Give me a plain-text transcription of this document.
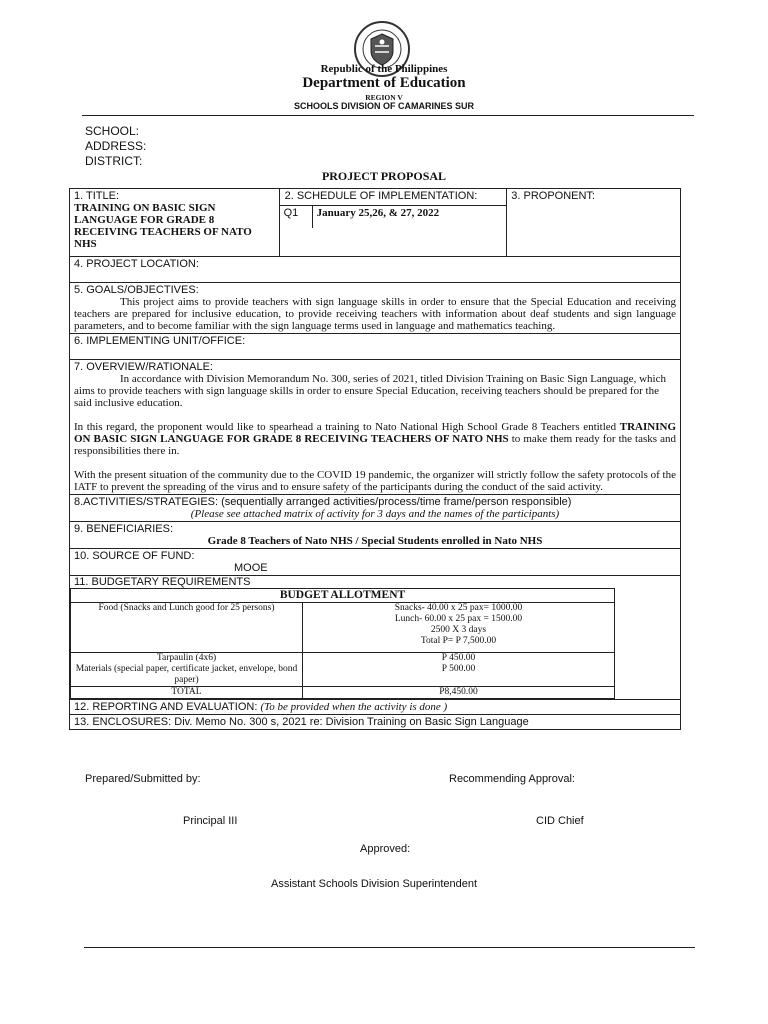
Republic of the Philippines
Department of Education
REGION V
SCHOOLS DIVISION OF CAMARINES SUR
SCHOOL:
ADDRESS:
DISTRICT:
PROJECT PROPOSAL
1. TITLE:
TRAINING ON BASIC SIGN LANGUAGE FOR GRADE 8 RECEIVING TEACHERS OF NATO NHS

2. SCHEDULE OF IMPLEMENTATION:
Q1	January 25,26, & 27, 2022

3. PROPONENT:

4. PROJECT LOCATION:

5. GOALS/OBJECTIVES:

This project aims to provide teachers with sign language skills in order to ensure that the Special Education and receiving teachers are prepared for inclusive education, to provide receiving teachers with information about deaf students and sign language parameters, and to become familiar with the sign language terms used in language and mathematics teaching.

6. IMPLEMENTING UNIT/OFFICE:

7. OVERVIEW/RATIONALE:

In accordance with Division Memorandum No. 300, series of 2021, titled Division Training on Basic Sign Language, which aims to provide teachers with sign language skills in order to ensure Special Education, receiving teachers should be prepared for the said inclusive education.

In this regard, the proponent would like to spearhead a training to Nato National High School Grade 8 Teachers entitled TRAINING ON BASIC SIGN LANGUAGE FOR GRADE 8 RECEIVING TEACHERS OF NATO NHS to make them ready for the tasks and responsibilities there in.

With the present situation of the community due to the COVID 19 pandemic, the organizer will strictly follow the safety protocols of the IATF to prevent the spreading of the virus and to ensure safety of the participants during the conduct of the said activity.

8.ACTIVITIES/STRATEGIES: (sequentially arranged activities/process/time frame/person responsible)
(Please see attached matrix of activity for 3 days and the names of the participants)

9. BENEFICIARIES:
Grade 8 Teachers of Nato NHS / Special Students enrolled in Nato NHS

10. SOURCE OF FUND:
MOOE

11. BUDGETARY REQUIREMENTS
BUDGET ALLOTMENT
Food (Snacks and Lunch good for 25 persons)	Snacks- 40.00 x 25 pax= 1000.00
Lunch- 60.00 x 25 pax = 1500.00
2500 X 3 days
Total P= P 7,500.00

Tarpaulin (4x6)
Materials (special paper, certificate jacket, envelope, bond paper)

P 450.00
P 500.00

TOTAL	P8,450.00

12. REPORTING AND EVALUATION: (To be provided when the activity is done )
13. ENCLOSURES: Div. Memo No. 300 s, 2021 re: Division Training on Basic Sign Language
Prepared/Submitted by:	Recommending Approval:
Principal III	CID Chief
Approved:
Assistant Schools Division Superintendent
